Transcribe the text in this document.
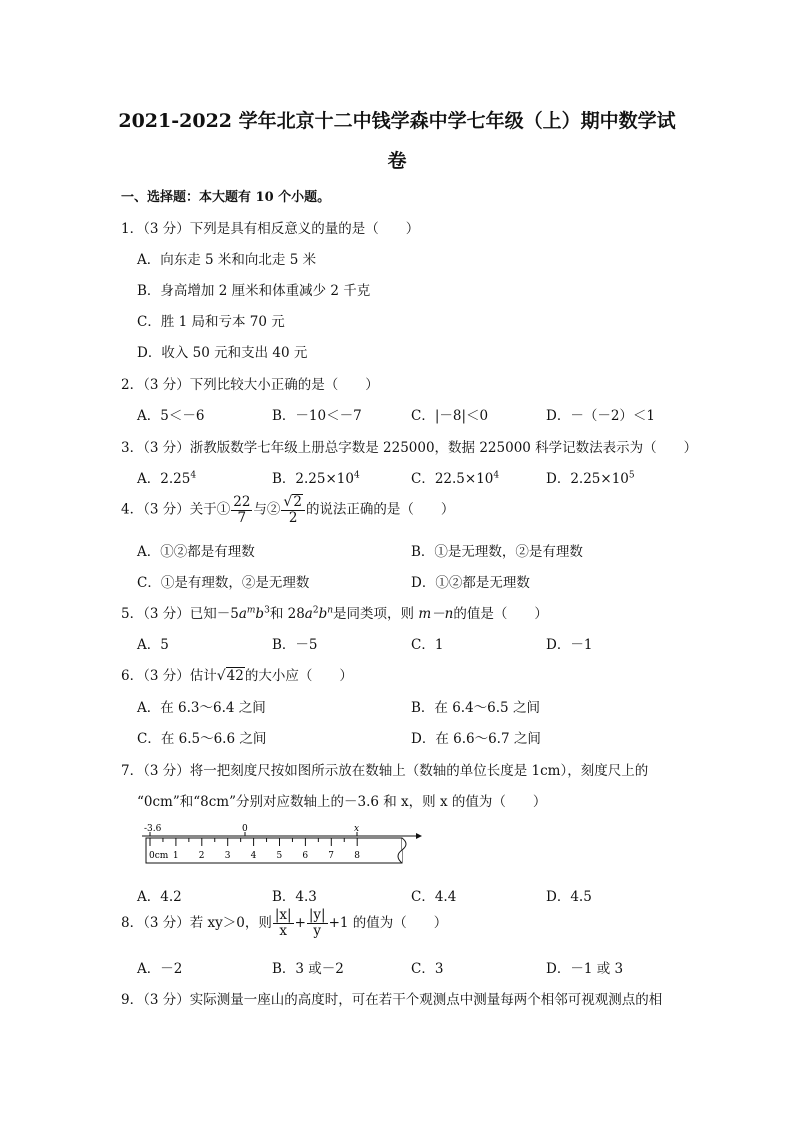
2021-2022 学年北京十二中钱学森中学七年级（上）期中数学试
卷
一、选择题：本大题有 10 个小题。
1．（3 分）下列是具有相反意义的量的是（　　）
A．向东走 5 米和向北走 5 米
B．身高增加 2 厘米和体重减少 2 千克
C．胜 1 局和亏本 70 元
D．收入 50 元和支出 40 元
2．（3 分）下列比较大小正确的是（　　）
A．5＜－6	B．－10＜－7	C．|－8|＜0	D．－（－2）＜1
3．（3 分）浙教版数学七年级上册总字数是 225000，数据 225000 科学记数法表示为（　　）
A．2.25$^4$	B．$2.25\times 10^4$	C．$22.5\times 10^4$	D．$2.25\times 10^5$
4．（3 分）关于① $\frac{22}{7}$ 与② $\frac{√2}{2}$ 的说法正确的是（　　）
A．①②都是有理数	B．①是无理数，②是有理数
C．①是有理数，②是无理数	D．①②都是无理数
5．（3 分）已知$-5a^mb^3$和 $28a^2b^n$是同类项，则 m－n的值是（　　）
A．5	B．－5	C．1	D．－1
6．（3 分）估计√42的大小应（　　）
A．在 6.3～6.4 之间	B．在 6.4～6.5 之间
C．在 6.5～6.6 之间	D．在 6.6～6.7 之间
7．（3 分）将一把刻度尺按如图所示放在数轴上（数轴的单位长度是 1cm），刻度尺上的
“0cm”和“8cm”分别对应数轴上的－3.6 和 x，则 x 的值为（　　）
-3.6	0	x
0cm 1 2 3 4 5 6 7 8
A．4.2	B．4.3	C．4.4	D．4.5
8．（3 分）若 xy＞0，则 $\frac{|x|}{x} + \frac{|y|}{y} +1$ 的值为（　　）
A．－2	B．3 或－2	C．3	D．－1 或 3
9．（3 分）实际测量一座山的高度时，可在若干个观测点中测量每两个相邻可视观测点的相
